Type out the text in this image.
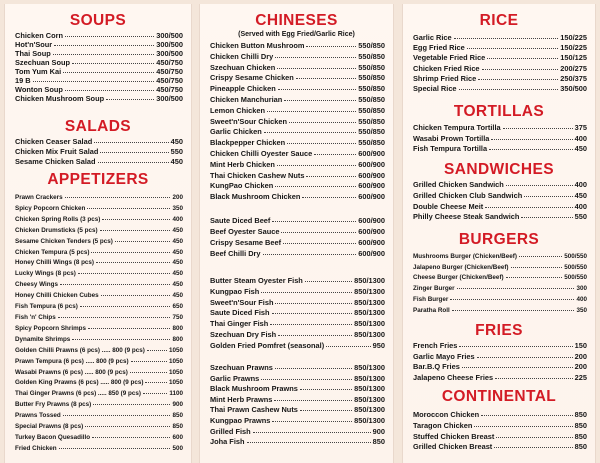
SOUPS
Chicken Corn	300/500
Hot'n'Sour	300/500
Thai Soup	300/500
Szechuan Soup	450/750
Tom Yum Kai	450/750
19 B	450/750
Wonton Soup	450/750
Chicken Mushroom Soup	300/500
SALADS
Chicken Ceaser Salad	450
Chicken Mix Fruit Salad	550
Sesame Chicken Salad	450
APPETIZERS
Prawn Crackers	200
Spicy Popcorn Chicken	350
Chicken Spring Rolls (3 pcs)	400
Chicken Drumsticks (5 pcs)	450
Sesame Chicken Tenders (5 pcs)	450
Chicken Tempura (5 pcs)	450
Honey Chilli Wings (8 pcs)	450
Lucky Wings (8 pcs)	450
Cheesy Wings	450
Honey Chilli Chicken Cubes	450
Fish Tempura (6 pcs)	650
Fish 'n' Chips	750
Spicy Popcorn Shrimps	800
Dynamite Shrimps	800
Golden Chilli Prawns (6 pcs) ..... 800 (9 pcs)	1050
Prawn Tempura (6 pcs) ..... 800 (9 pcs)	1050
Wasabi Prawns (6 pcs) ..... 800 (9 pcs)	1050
Golden King Prawns (6 pcs) ..... 800 (9 pcs)	1050
Thai Ginger Prawns (6 pcs) ..... 850 (9 pcs)	1100
Butter Fry Prawns (8 pcs)	900
Prawns Tossed	850
Special Prawns (8 pcs)	850
Turkey Bacon Quesadillo	600
Fried Chicken	500
CHINESES
(Served with Egg Fried/Garlic Rice)
Chicken Button Mushroom	550/850
Chicken Chilli Dry	550/850
Szechuan Chicken	550/850
Crispy Sesame Chicken	550/850
Pineapple Chicken	550/850
Chicken Manchurian	550/850
Lemon Chicken	550/850
Sweet'n'Sour Chicken	550/850
Garlic Chicken	550/850
Blackpepper Chicken	550/850
Chicken Chilli Oyester Sauce	600/900
Mint Herb Chicken	600/900
Thai Chicken Cashew Nuts	600/900
KungPao Chicken	600/900
Black Mushroom Chicken	600/900
Saute Diced Beef	600/900
Beef Oyester Sauce	600/900
Crispy Sesame Beef	600/900
Beef Chilli Dry	600/900
Butter Steam Oyester Fish	850/1300
Kungpao Fish	850/1300
Sweet'n'Sour Fish	850/1300
Saute Diced Fish	850/1300
Thai Ginger Fish	850/1300
Szechuan Dry Fish	850/1300
Golden Fried Pomfret (seasonal)	950
Szechuan Prawns	850/1300
Garlic Prawns	850/1300
Black Mushroom Prawns	850/1300
Mint Herb Prawns	850/1300
Thai Prawn Cashew Nuts	850/1300
Kungpao Prawns	850/1300
Grilled Fish	900
Joha Fish	850
RICE
Garlic Rice	150/225
Egg Fried Rice	150/225
Vegetable Fried Rice	150/125
Chicken Fried Rice	200/275
Shrimp Fried Rice	250/375
Special Rice	350/500
TORTILLAS
Chicken Tempura Tortilla	375
Wasabi Prown Tortilla	400
Fish Tempura Tortilla	450
SANDWICHES
Grilled Chicken Sandwich	400
Grilled Chicken Club Sandwich	450
Double Cheese Meit	400
Philly Cheese Steak Sandwich	550
BURGERS
Mushrooms Burger (Chicken/Beef)	500/550
Jalapeno Burger (Chicken/Beef)	500/550
Cheese Burger (Chicken/Beef)	500/550
Zinger Burger	300
Fish Burger	400
Paratha Roll	350
FRIES
French Fries	150
Garlic Mayo Fries	200
Bar.B.Q Fries	200
Jalapeno Cheese Fries	225
CONTINENTAL
Moroccon Chicken	850
Taragon Chicken	850
Stuffed Chicken Breast	850
Grilled Chicken Breast	850
